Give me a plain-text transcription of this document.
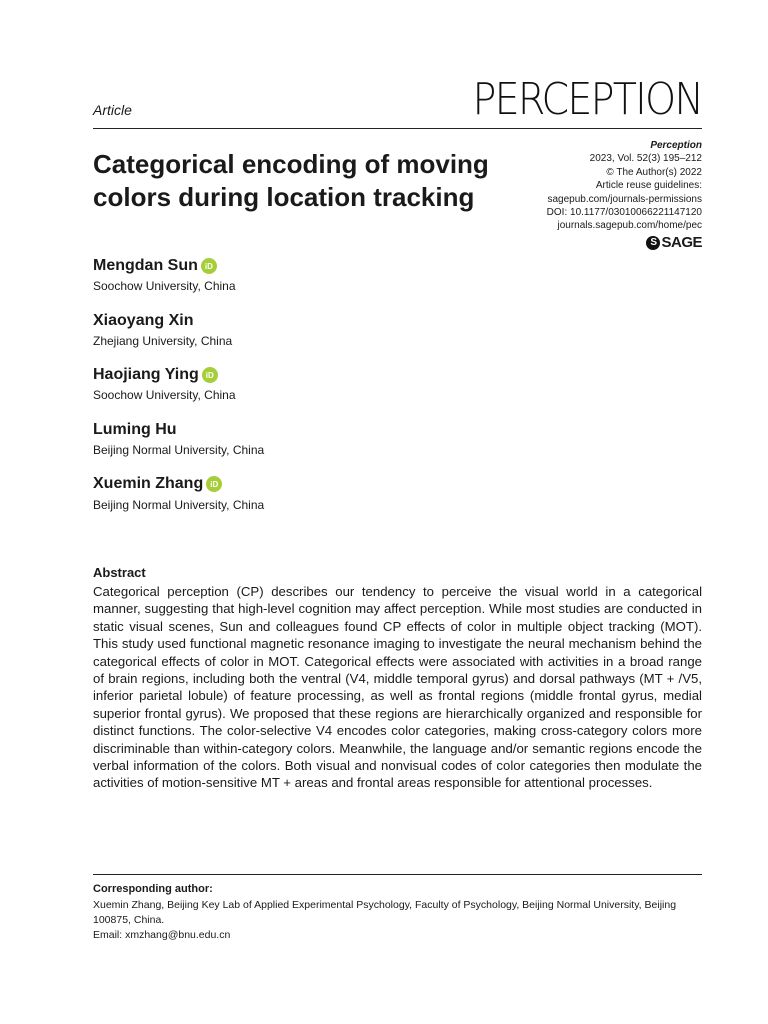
Article	PERCEPTION
Categorical encoding of moving colors during location tracking
Perception
2023, Vol. 52(3) 195–212
© The Author(s) 2022
Article reuse guidelines:
sagepub.com/journals-permissions
DOI: 10.1177/03010066221147120
journals.sagepub.com/home/pec
S SAGE
Mengdan Sun iD
Soochow University, China
Xiaoyang Xin
Zhejiang University, China
Haojiang Ying iD
Soochow University, China
Luming Hu
Beijing Normal University, China
Xuemin Zhang iD
Beijing Normal University, China
Abstract
Categorical perception (CP) describes our tendency to perceive the visual world in a categorical manner, suggesting that high-level cognition may affect perception. While most studies are conducted in static visual scenes, Sun and colleagues found CP effects of color in multiple object tracking (MOT). This study used functional magnetic resonance imaging to investigate the neural mechanism behind the categorical effects of color in MOT. Categorical effects were associated with activities in a broad range of brain regions, including both the ventral (V4, middle temporal gyrus) and dorsal pathways (MT + /V5, inferior parietal lobule) of feature processing, as well as frontal regions (middle frontal gyrus, medial superior frontal gyrus). We proposed that these regions are hierarchically organized and responsible for distinct functions. The color-selective V4 encodes color categories, making cross-category colors more discriminable than within-category colors. Meanwhile, the language and/or semantic regions encode the verbal information of the colors. Both visual and nonvisual codes of color categories then modulate the activities of motion-sensitive MT + areas and frontal areas responsible for attentional processes.
Corresponding author:
Xuemin Zhang, Beijing Key Lab of Applied Experimental Psychology, Faculty of Psychology, Beijing Normal University, Beijing 100875, China.
Email: xmzhang@bnu.edu.cn
